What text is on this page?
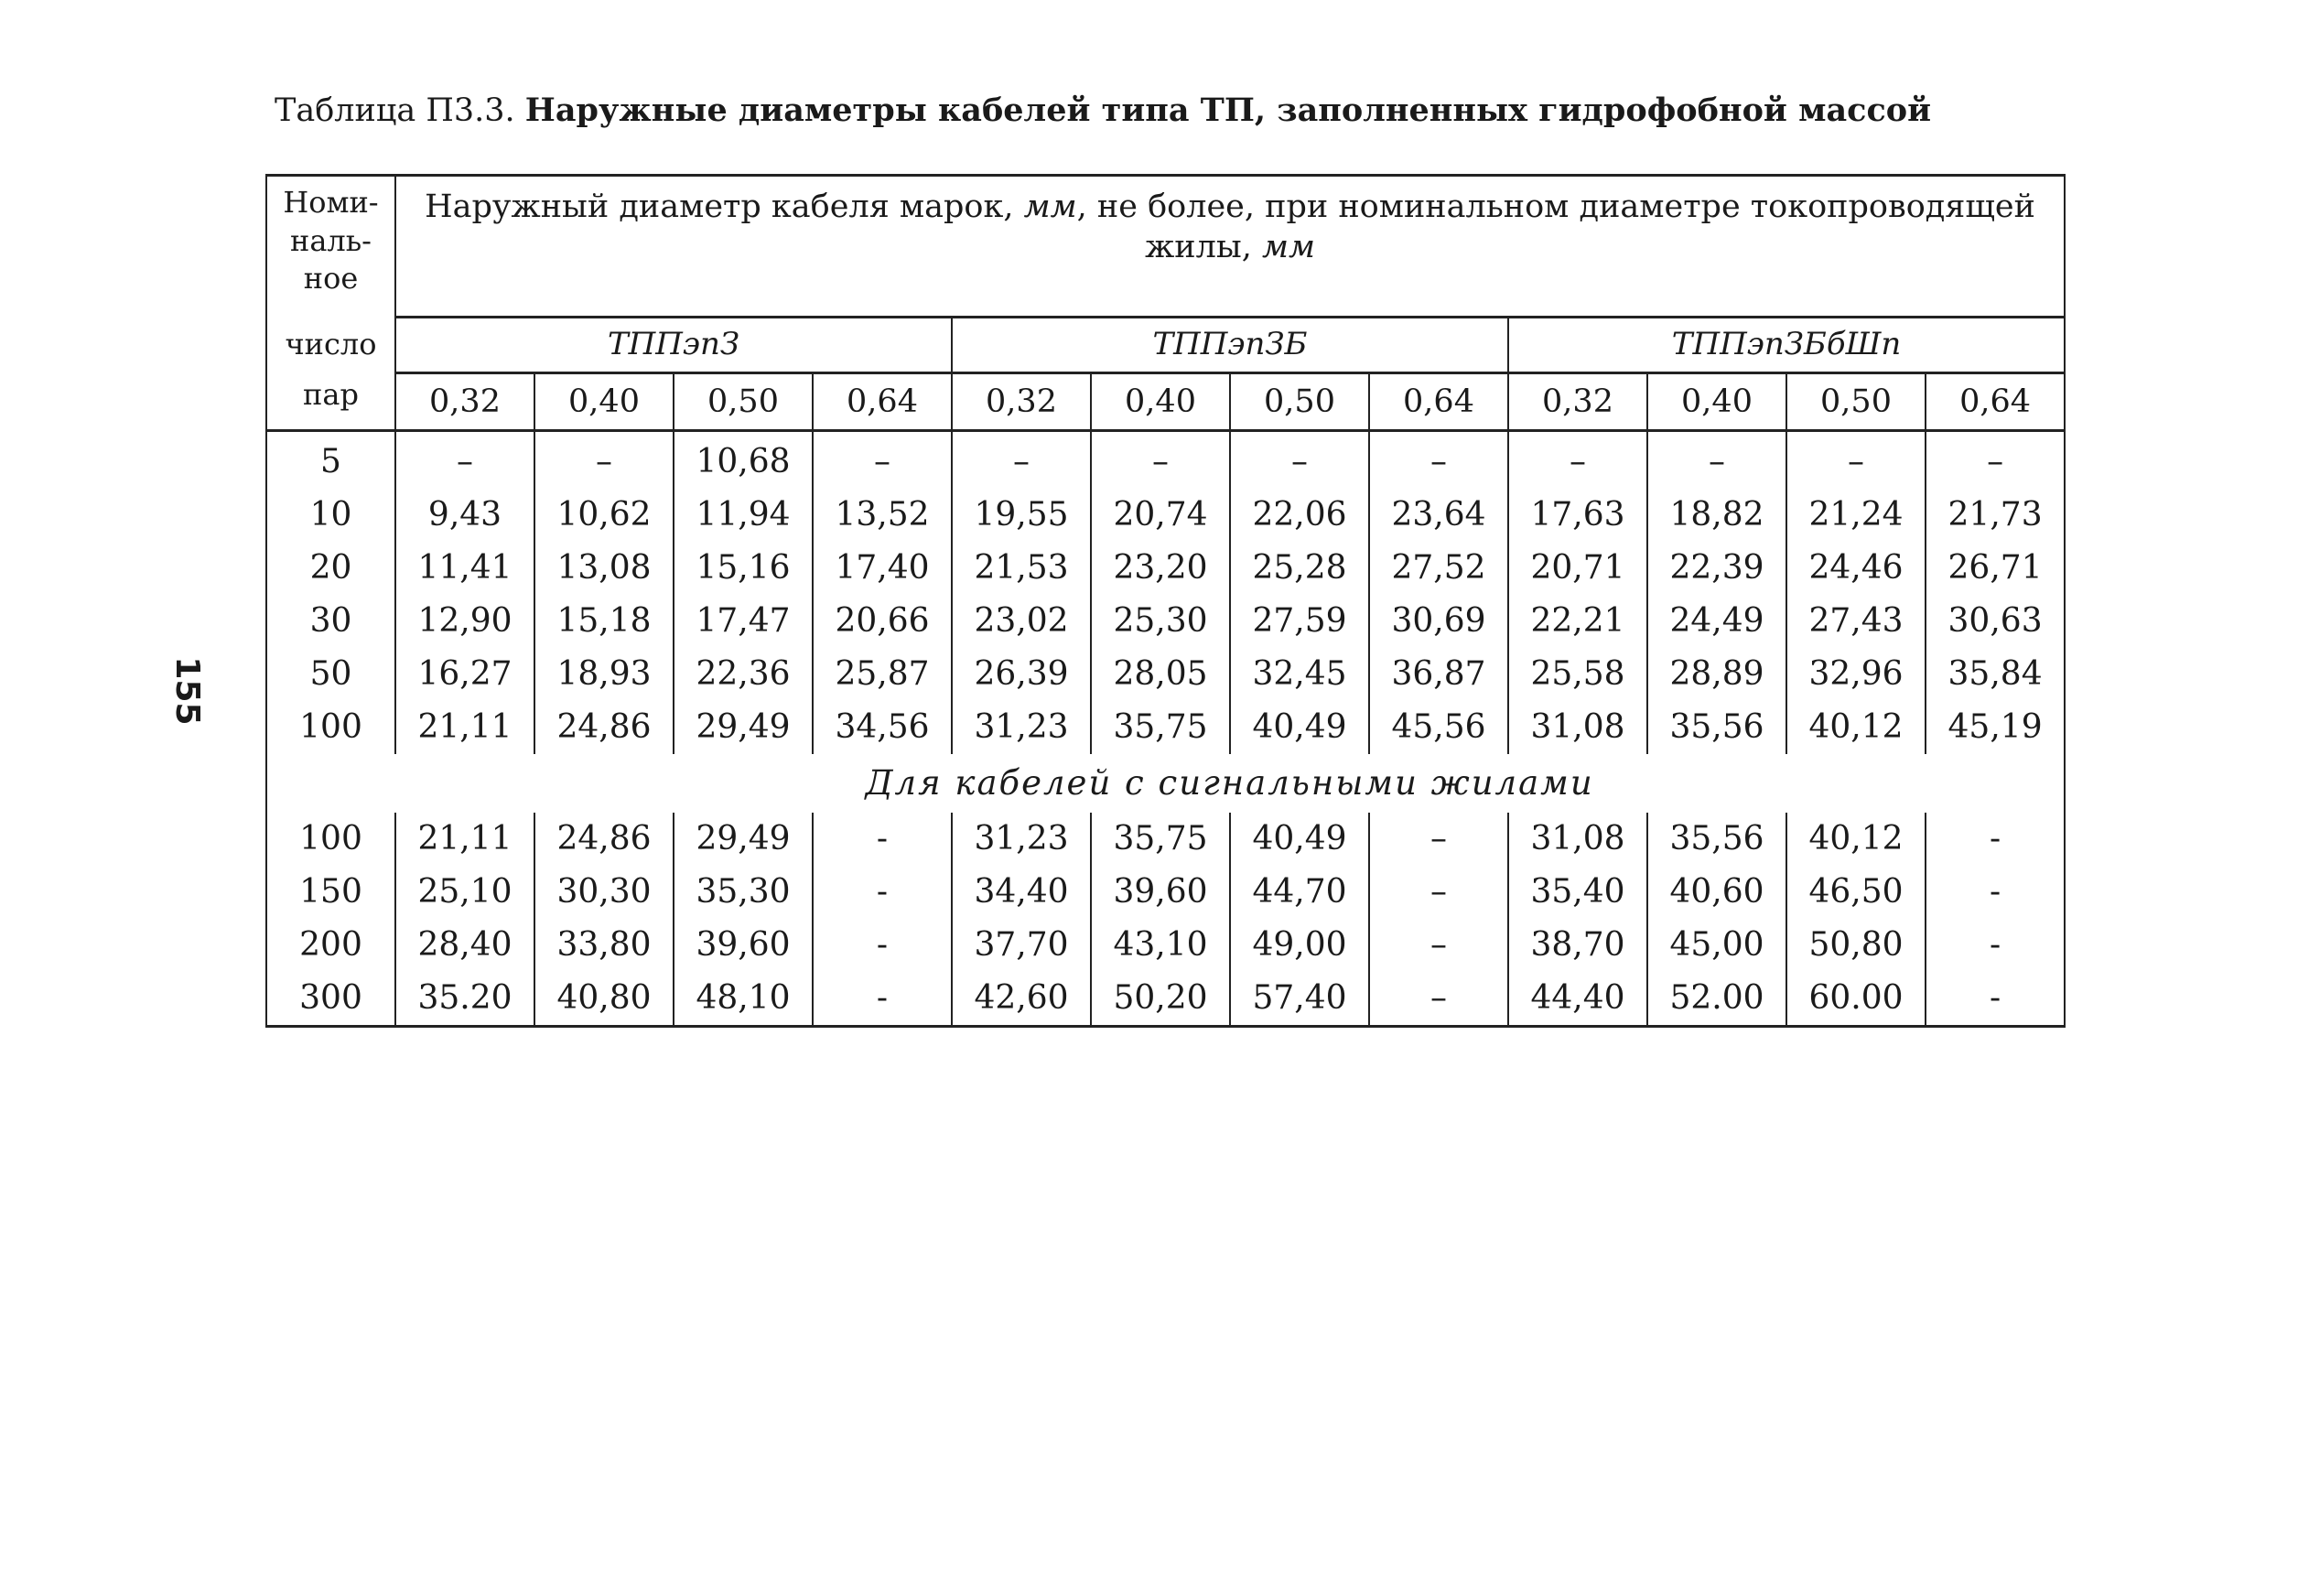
155
Таблица П3.3. Наружные диаметры кабелей типа ТП, заполненных гидрофобной массой
Номи-
наль-
ное
число
пар	Наружный диаметр кабеля марок, мм, не более, при номинальном диаметре токопроводящей жилы, мм											
	ТППэпЗ				ТППэпЗБ				ТППэпЗБбШп			
	0,32	0,40	0,50	0,64	0,32	0,40	0,50	0,64	0,32	0,40	0,50	0,64
5	–	–	10,68	–	–	–	–	–	–	–	–	–
10	9,43	10,62	11,94	13,52	19,55	20,74	22,06	23,64	17,63	18,82	21,24	21,73
20	11,41	13,08	15,16	17,40	21,53	23,20	25,28	27,52	20,71	22,39	24,46	26,71
30	12,90	15,18	17,47	20,66	23,02	25,30	27,59	30,69	22,21	24,49	27,43	30,63
50	16,27	18,93	22,36	25,87	26,39	28,05	32,45	36,87	25,58	28,89	32,96	35,84
100	21,11	24,86	29,49	34,56	31,23	35,75	40,49	45,56	31,08	35,56	40,12	45,19
	Для кабелей с сигнальными жилами											
100	21,11	24,86	29,49	-	31,23	35,75	40,49	–	31,08	35,56	40,12	-
150	25,10	30,30	35,30	-	34,40	39,60	44,70	–	35,40	40,60	46,50	-
200	28,40	33,80	39,60	-	37,70	43,10	49,00	–	38,70	45,00	50,80	-
300	35.20	40,80	48,10	-	42,60	50,20	57,40	–	44,40	52.00	60.00	-
